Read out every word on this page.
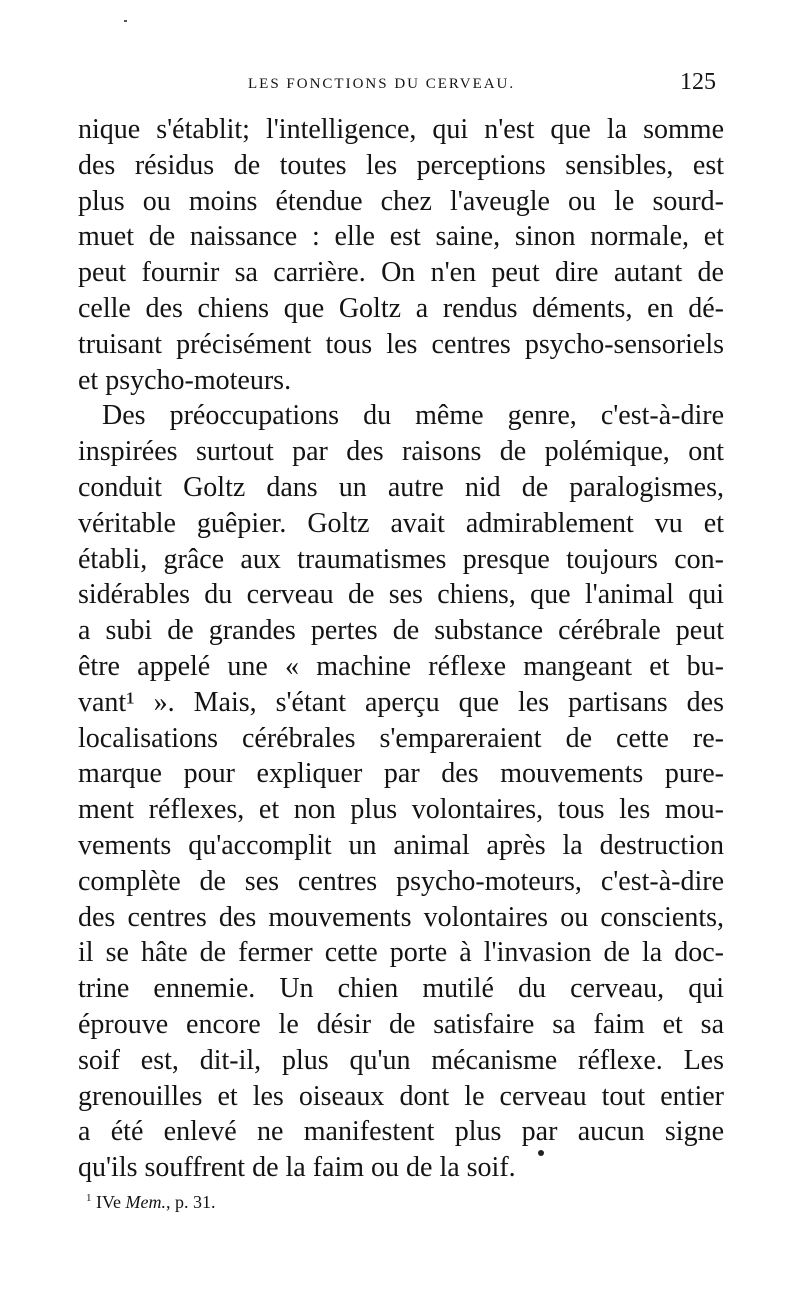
LES FONCTIONS DU CERVEAU.	125
nique s'établit; l'intelligence, qui n'est que la somme
des résidus de toutes les perceptions sensibles, est
plus ou moins étendue chez l'aveugle ou le sourd-
muet de naissance : elle est saine, sinon normale, et
peut fournir sa carrière. On n'en peut dire autant de
celle des chiens que Goltz a rendus déments, en dé-
truisant précisément tous les centres psycho-sensoriels
et psycho-moteurs.
Des préoccupations du même genre, c'est-à-dire
inspirées surtout par des raisons de polémique, ont
conduit Goltz dans un autre nid de paralogismes,
véritable guêpier. Goltz avait admirablement vu et
établi, grâce aux traumatismes presque toujours con-
sidérables du cerveau de ses chiens, que l'animal qui
a subi de grandes pertes de substance cérébrale peut
être appelé une « machine réflexe mangeant et bu-
vant¹ ». Mais, s'étant aperçu que les partisans des
localisations cérébrales s'empareraient de cette re-
marque pour expliquer par des mouvements pure-
ment réflexes, et non plus volontaires, tous les mou-
vements qu'accomplit un animal après la destruction
complète de ses centres psycho-moteurs, c'est-à-dire
des centres des mouvements volontaires ou conscients,
il se hâte de fermer cette porte à l'invasion de la doc-
trine ennemie. Un chien mutilé du cerveau, qui
éprouve encore le désir de satisfaire sa faim et sa
soif est, dit-il, plus qu'un mécanisme réflexe. Les
grenouilles et les oiseaux dont le cerveau tout entier
a été enlevé ne manifestent plus par aucun signe
qu'ils souffrent de la faim ou de la soif.
$^1$ IVe Mem., p. 31.
